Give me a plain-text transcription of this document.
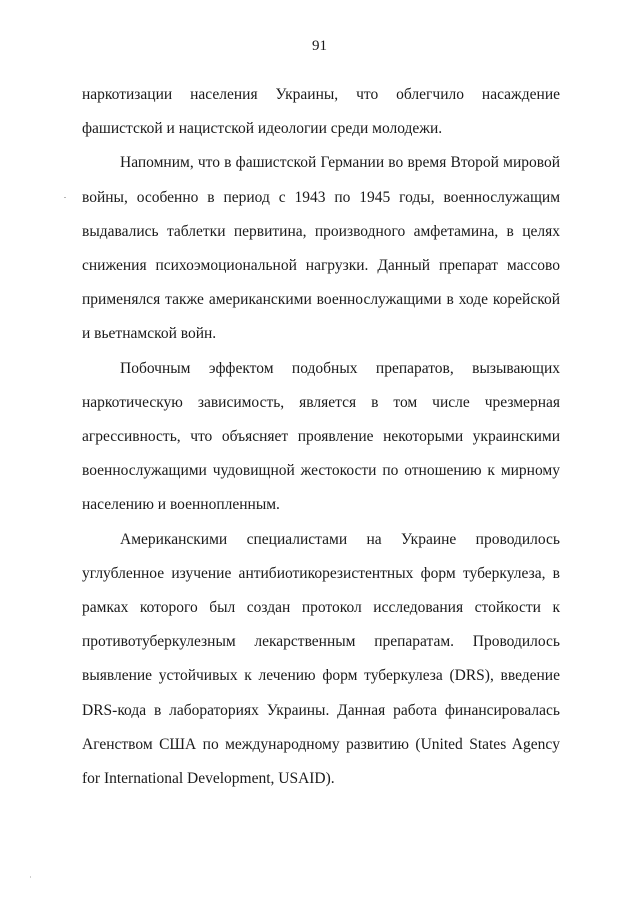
91

наркотизации населения Украины, что облегчило насаждение фашистской и нацистской идеологии среди молодежи.

Напомним, что в фашистской Германии во время Второй мировой войны, особенно в период с 1943 по 1945 годы, военнослужащим выдавались таблетки первитина, производного амфетамина, в целях снижения психоэмоциональной нагрузки. Данный препарат массово применялся также американскими военнослужащими в ходе корейской и вьетнамской войн.

Побочным эффектом подобных препаратов, вызывающих наркотическую зависимость, является в том числе чрезмерная агрессивность, что объясняет проявление некоторыми украинскими военнослужащими чудовищной жестокости по отношению к мирному населению и военнопленным.

Американскими специалистами на Украине проводилось углубленное изучение антибиотикорезистентных форм туберкулеза, в рамках которого был создан протокол исследования стойкости к противотуберкулезным лекарственным препаратам. Проводилось выявление устойчивых к лечению форм туберкулеза (DRS), введение DRS-кода в лабораториях Украины. Данная работа финансировалась Агенством США по международному развитию (United States Agency for International Development, USAID).
